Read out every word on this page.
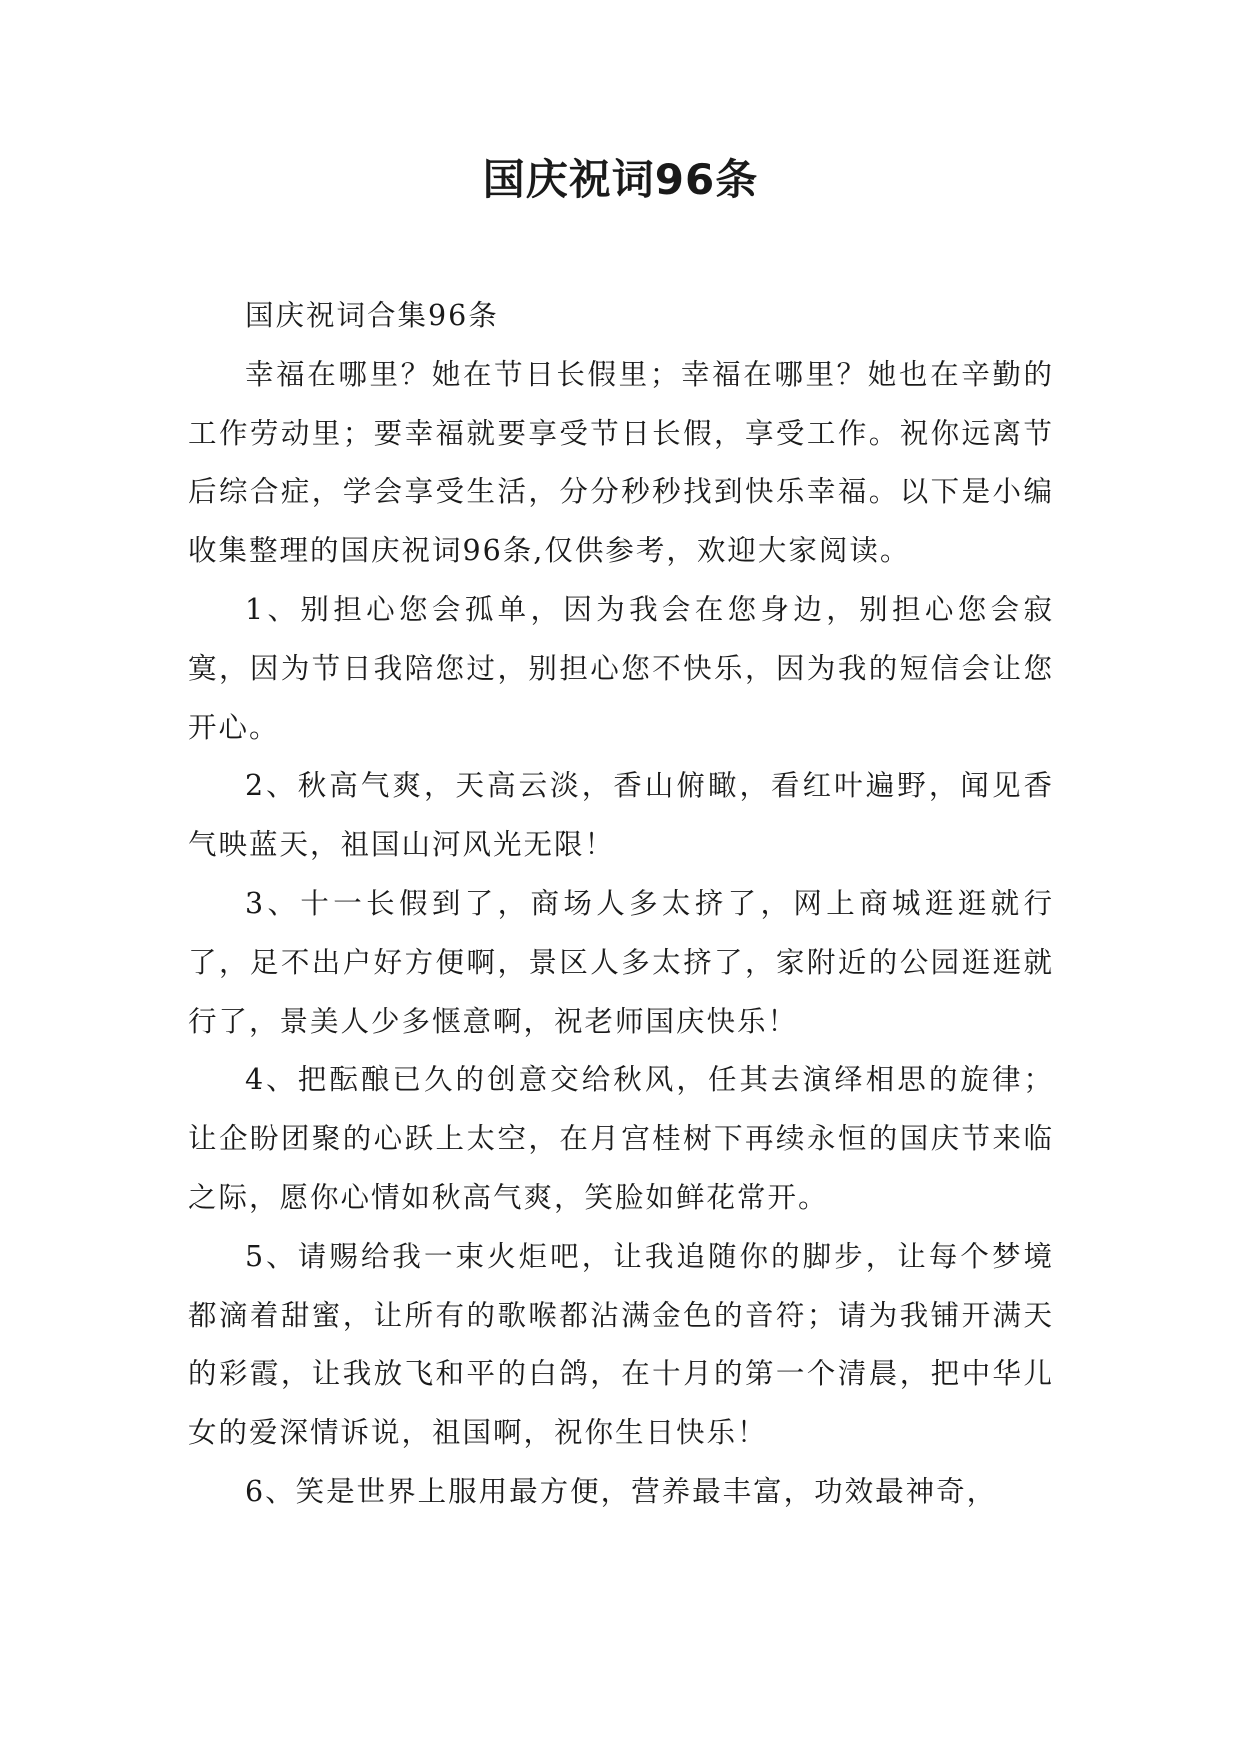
国庆祝词96条

国庆祝词合集96条

幸福在哪里？她在节日长假里；幸福在哪里？她也在辛勤的工作劳动里；要幸福就要享受节日长假，享受工作。祝你远离节后综合症，学会享受生活，分分秒秒找到快乐幸福。以下是小编收集整理的国庆祝词96条,仅供参考，欢迎大家阅读。

1、别担心您会孤单，因为我会在您身边，别担心您会寂寞，因为节日我陪您过，别担心您不快乐，因为我的短信会让您开心。

2、秋高气爽，天高云淡，香山俯瞰，看红叶遍野，闻见香气映蓝天，祖国山河风光无限！

3、十一长假到了，商场人多太挤了，网上商城逛逛就行了，足不出户好方便啊，景区人多太挤了，家附近的公园逛逛就行了，景美人少多惬意啊，祝老师国庆快乐！

4、把酝酿已久的创意交给秋风，任其去演绎相思的旋律；让企盼团聚的心跃上太空，在月宫桂树下再续永恒的国庆节来临之际，愿你心情如秋高气爽，笑脸如鲜花常开。

5、请赐给我一束火炬吧，让我追随你的脚步，让每个梦境都滴着甜蜜，让所有的歌喉都沾满金色的音符；请为我铺开满天的彩霞，让我放飞和平的白鸽，在十月的第一个清晨，把中华儿女的爱深情诉说，祖国啊，祝你生日快乐！

6、笑是世界上服用最方便，营养最丰富，功效最神奇，
